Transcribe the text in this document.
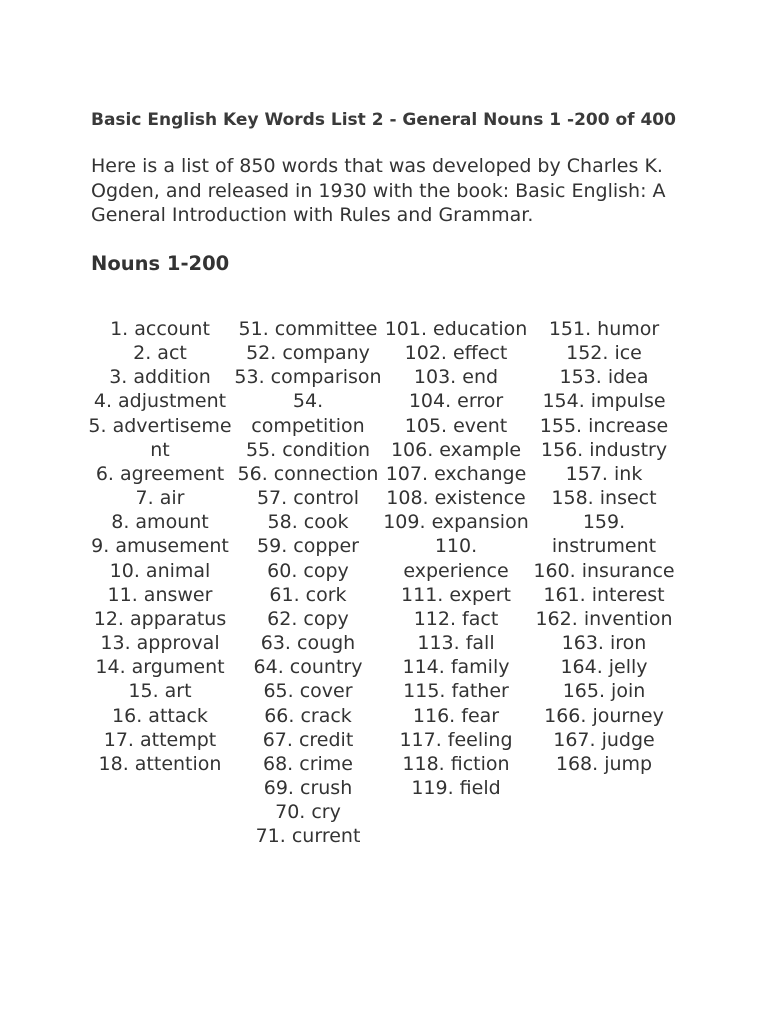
Basic English Key Words List 2 - General Nouns 1 -200 of 400

Here is a list of 850 words that was developed by Charles K. Ogden, and released in 1930 with the book: Basic English: A General Introduction with Rules and Grammar.

Nouns 1-200
1. account
2. act
3. addition
4. adjustment
5. advertiseme nt
6. agreement
7. air
8. amount
9. amusement
10. animal
11. answer
12. apparatus
13. approval
14. argument
15. art
16. attack
17. attempt
18. attention
51. committee
52. company
53. comparison
54. competition
55. condition
56. connection
57. control
58. cook
59. copper
60. copy
61. cork
62. copy
63. cough
64. country
65. cover
66. crack
67. credit
68. crime
69. crush
70. cry
71. current
101. education
102. effect
103. end
104. error
105. event
106. example
107. exchange
108. existence
109. expansion
110. experience
111. expert
112. fact
113. fall
114. family
115. father
116. fear
117. feeling
118. fiction
119. field
151. humor
152. ice
153. idea
154. impulse
155. increase
156. industry
157. ink
158. insect
159. instrument
160. insurance
161. interest
162. invention
163. iron
164. jelly
165. join
166. journey
167. judge
168. jump
